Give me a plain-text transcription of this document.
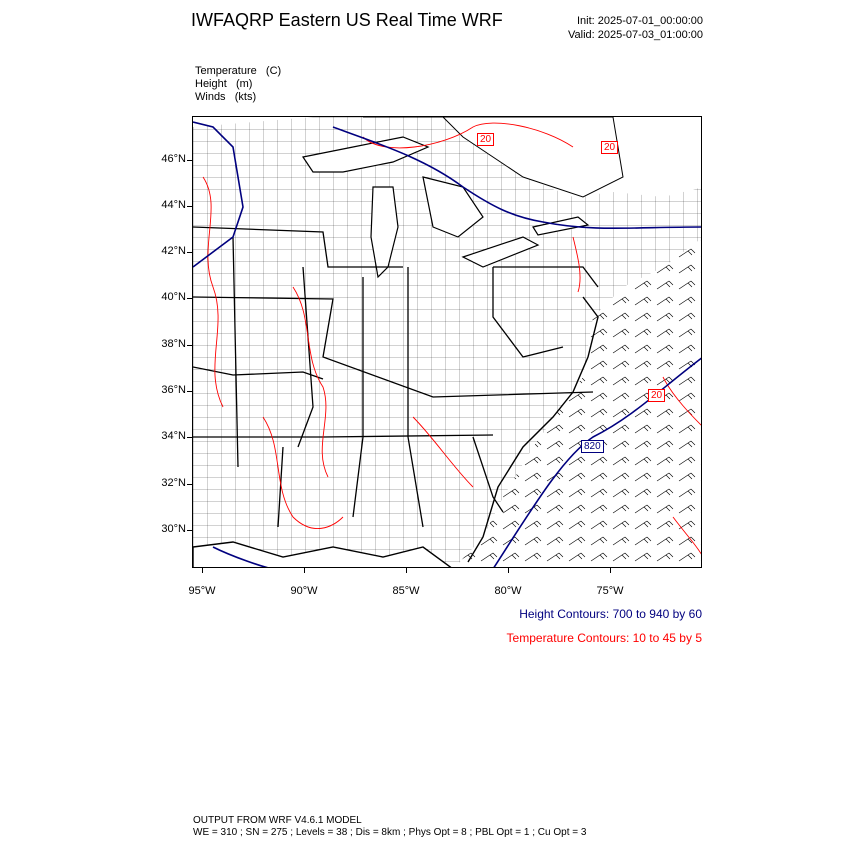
IWFAQRP Eastern US Real Time WRF	Init: 2025-07-01_00:00:00
Valid: 2025-07-03_01:00:00
Temperature   (C)
Height   (m)
Winds   (kts)
20
20
20
820
46°N
44°N
42°N
40°N
38°N
36°N
34°N
32°N
30°N
95°W	90°W	85°W	80°W	75°W
Height Contours: 700 to 940 by 60
Temperature Contours: 10 to 45 by 5
OUTPUT FROM WRF V4.6.1 MODEL
WE = 310 ; SN = 275 ; Levels = 38 ; Dis = 8km ; Phys Opt = 8 ; PBL Opt = 1 ; Cu Opt = 3
